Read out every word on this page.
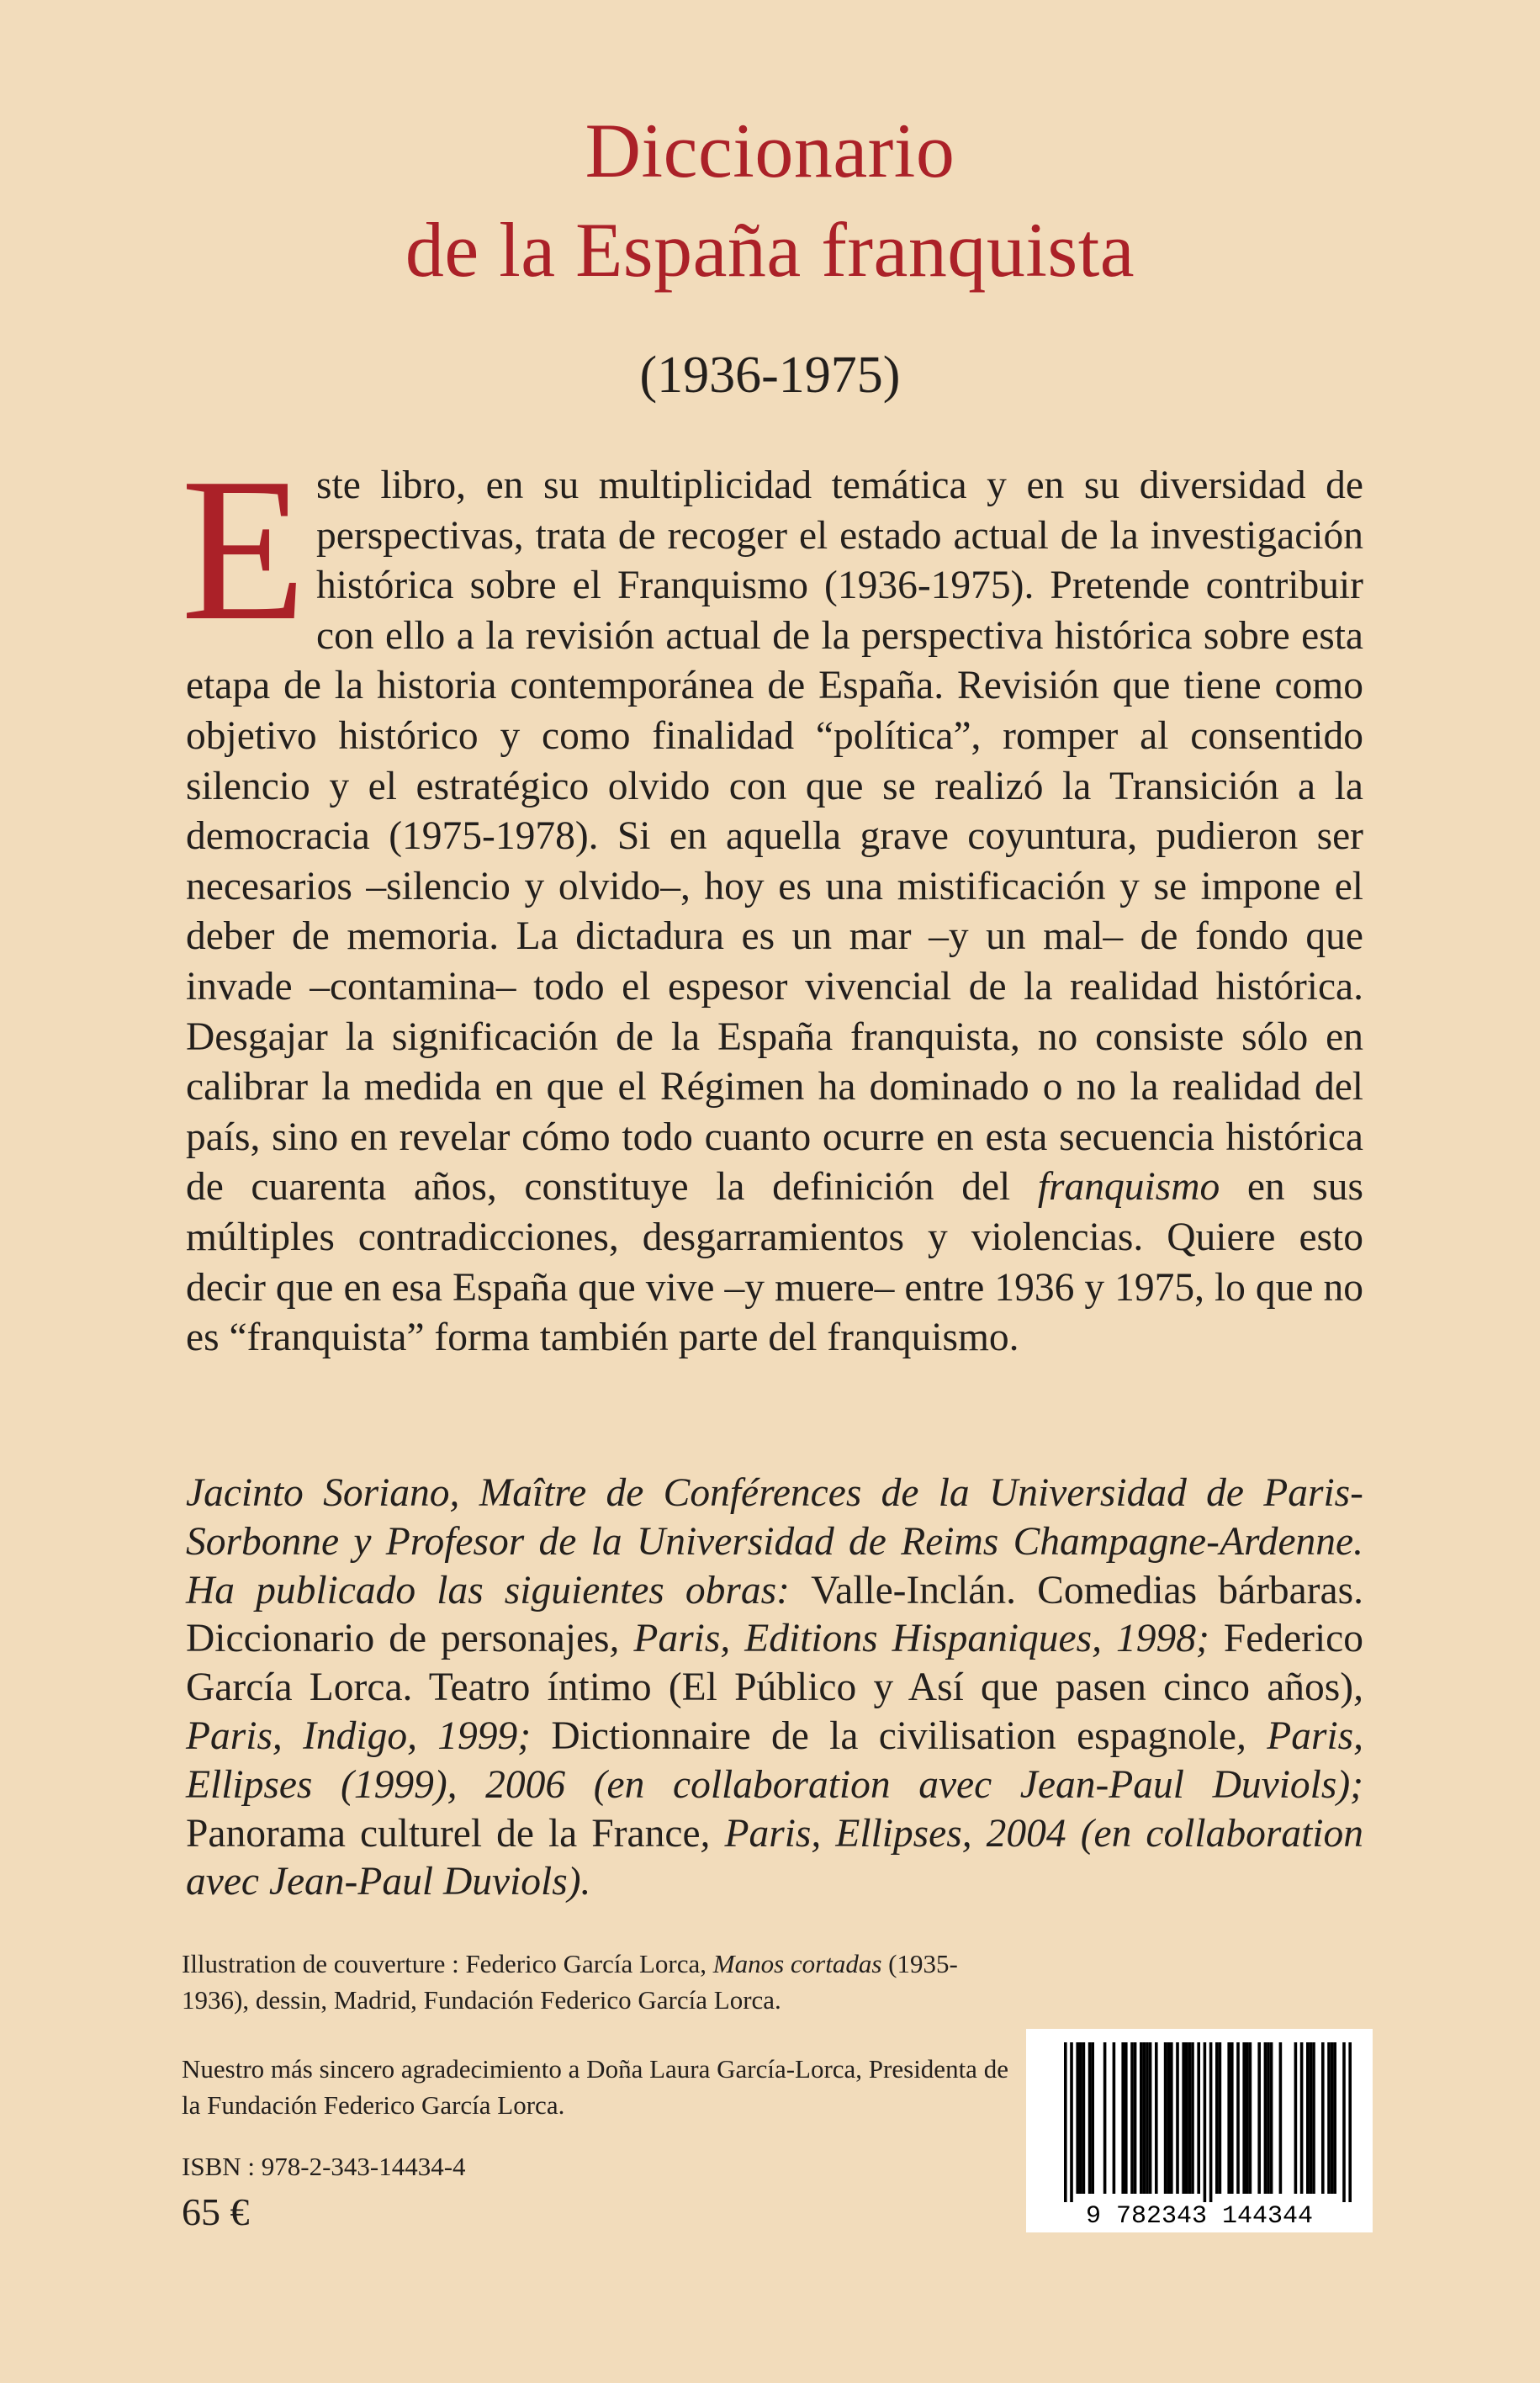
Diccionario
de la España franquista
(1936-1975)
Este libro, en su multiplicidad temática y en su diversidad de perspectivas, trata de recoger el estado actual de la investigación histórica sobre el Franquismo (1936-1975). Pretende contribuir con ello a la revisión actual de la perspectiva histórica sobre esta etapa de la historia contemporánea de España. Revisión que tiene como objetivo histórico y como finalidad “política”, romper al consentido silencio y el estratégico olvido con que se realizó la Transición a la democracia (1975-1978). Si en aquella grave coyuntura, pudieron ser necesarios –silencio y olvido–, hoy es una mistificación y se impone el deber de memoria. La dictadura es un mar –y un mal– de fondo que invade –contamina– todo el espesor vivencial de la realidad histórica. Desgajar la significación de la España franquista, no consiste sólo en calibrar la medida en que el Régimen ha dominado o no la realidad del país, sino en revelar cómo todo cuanto ocurre en esta secuencia histórica de cuarenta años, constituye la definición del franquismo en sus múltiples contradicciones, desgarramientos y violencias. Quiere esto decir que en esa España que vive –y muere– entre 1936 y 1975, lo que no es “franquista” forma también parte del franquismo.
Jacinto Soriano, Maître de Conférences de la Universidad de Paris-Sorbonne y Profesor de la Universidad de Reims Champagne-Ardenne. Ha publicado las siguientes obras: Valle-Inclán. Comedias bárbaras. Diccionario de personajes, Paris, Editions Hispaniques, 1998; Federico García Lorca. Teatro íntimo (El Público y Así que pasen cinco años), Paris, Indigo, 1999; Dictionnaire de la civilisation espagnole, Paris, Ellipses (1999), 2006 (en collaboration avec Jean-Paul Duviols); Panorama culturel de la France, Paris, Ellipses, 2004 (en collaboration avec Jean-Paul Duviols).
Illustration de couverture : Federico García Lorca, Manos cortadas (1935-1936), dessin, Madrid, Fundación Federico García Lorca.
Nuestro más sincero agradecimiento a Doña Laura García-Lorca, Presidenta de la Fundación Federico García Lorca.
ISBN : 978-2-343-14434-4
65 €	9 782343 144344
